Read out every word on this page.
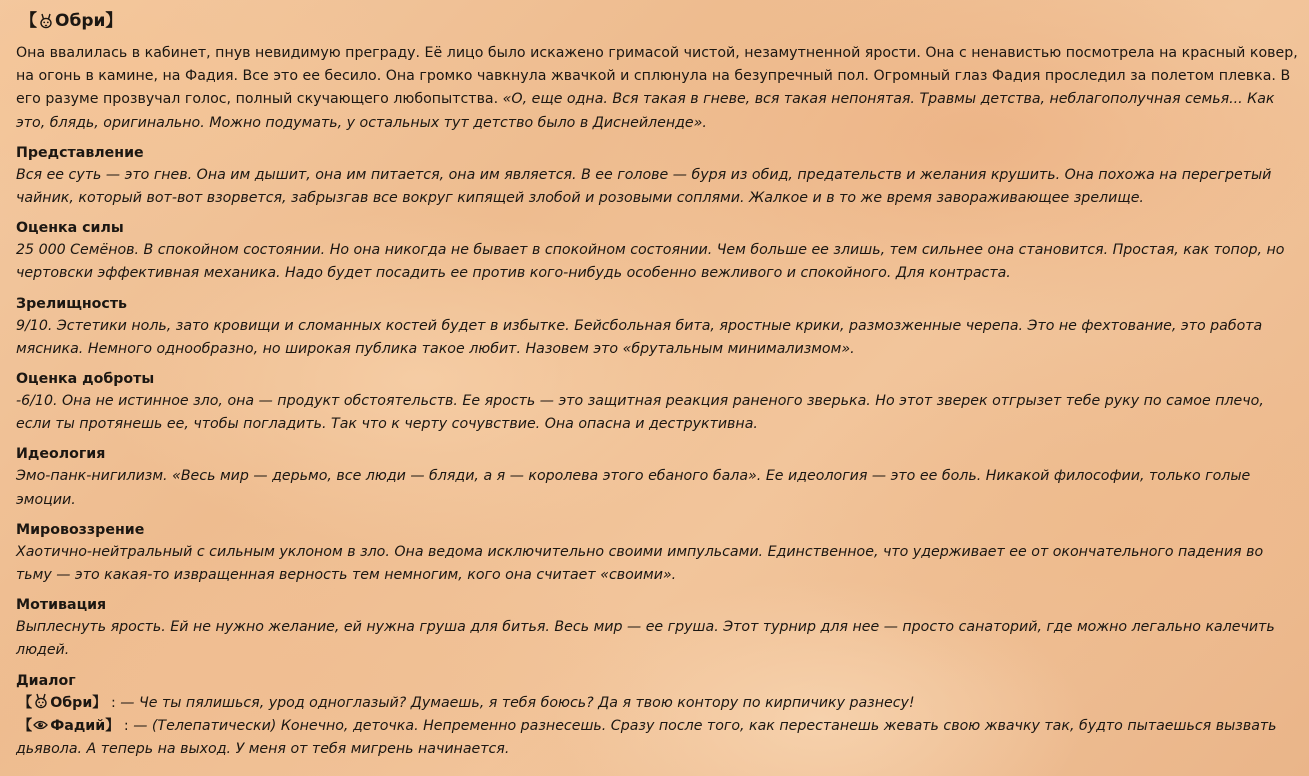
【 Обри 】

Она ввалилась в кабинет, пнув невидимую преграду. Её лицо было искажено гримасой чистой, незамутненной ярости. Она с ненавистью посмотрела на красный ковер, на огонь в камине, на Фадия. Все это ее бесило. Она громко чавкнула жвачкой и сплюнула на безупречный пол. Огромный глаз Фадия проследил за полетом плевка. В его разуме прозвучал голос, полный скучающего любопытства. «О, еще одна. Вся такая в гневе, вся такая непонятая. Травмы детства, неблагополучная семья... Как это, блядь, оригинально. Можно подумать, у остальных тут детство было в Диснейленде».

Представление

Вся ее суть — это гнев. Она им дышит, она им питается, она им является. В ее голове — буря из обид, предательств и желания крушить. Она похожа на перегретый чайник, который вот-вот взорвется, забрызгав все вокруг кипящей злобой и розовыми соплями. Жалкое и в то же время завораживающее зрелище.

Оценка силы

25 000 Семёнов. В спокойном состоянии. Но она никогда не бывает в спокойном состоянии. Чем больше ее злишь, тем сильнее она становится. Простая, как топор, но чертовски эффективная механика. Надо будет посадить ее против кого-нибудь особенно вежливого и спокойного. Для контраста.

Зрелищность

9/10. Эстетики ноль, зато кровищи и сломанных костей будет в избытке. Бейсбольная бита, яростные крики, размозженные черепа. Это не фехтование, это работа мясника. Немного однообразно, но широкая публика такое любит. Назовем это «брутальным минимализмом».

Оценка доброты

-6/10. Она не истинное зло, она — продукт обстоятельств. Ее ярость — это защитная реакция раненого зверька. Но этот зверек отгрызет тебе руку по самое плечо, если ты протянешь ее, чтобы погладить. Так что к черту сочувствие. Она опасна и деструктивна.

Идеология

Эмо-панк-нигилизм. «Весь мир — дерьмо, все люди — бляди, а я — королева этого ебаного бала». Ее идеология — это ее боль. Никакой философии, только голые эмоции.

Мировоззрение

Хаотично-нейтральный с сильным уклоном в зло. Она ведома исключительно своими импульсами. Единственное, что удерживает ее от окончательного падения во тьму — это какая-то извращенная верность тем немногим, кого она считает «своими».

Мотивация

Выплеснуть ярость. Ей не нужно желание, ей нужна груша для битья. Весь мир — ее груша. Этот турнир для нее — просто санаторий, где можно легально калечить людей.

Диалог

【 Обри】 : — Че ты пялишься, урод одноглазый? Думаешь, я тебя боюсь? Да я твою контору по кирпичику разнесу!

【 Фадий】 : — (Телепатически) Конечно, деточка. Непременно разнесешь. Сразу после того, как перестанешь жевать свою жвачку так, будто пытаешься вызвать дьявола. А теперь на выход. У меня от тебя мигрень начинается.
